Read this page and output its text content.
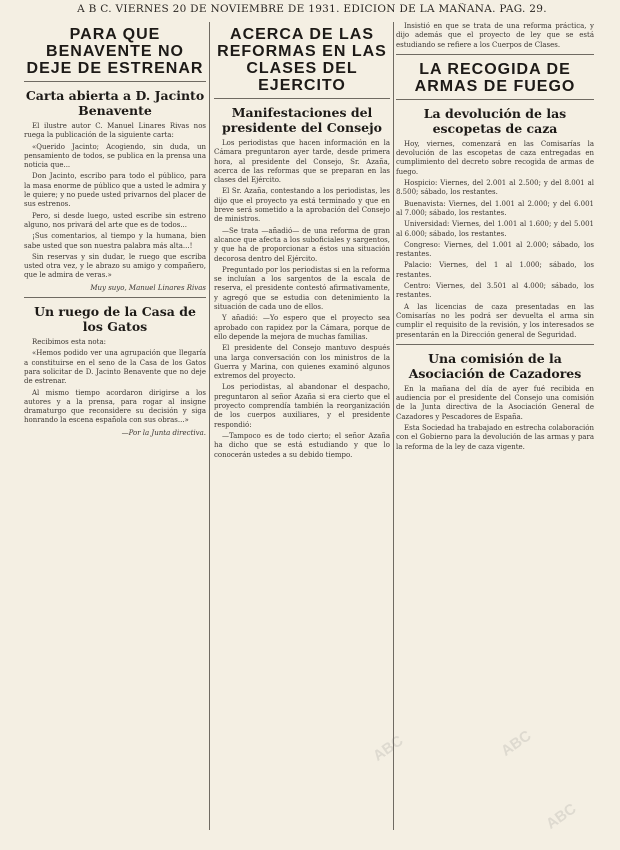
A B C. VIERNES 20 DE NOVIEMBRE DE 1931. EDICION DE LA MAÑANA. PAG. 29.
PARA QUE BENAVENTE NO DEJE DE ESTRENAR
Carta abierta a D. Jacinto Benavente

El ilustre autor C. Manuel Linares Rivas nos ruega la publicación de la siguiente carta:

«Querido Jacinto; Acogiendo, sin duda, un pensamiento de todos, se publica en la prensa una noticia que...

Don Jacinto, escribo para todo el público, para la masa enorme de público que a usted le admira y le quiere; y no puede usted privarnos del placer de sus estrenos.

Pero, si desde luego, usted escribe sin estreno alguno, nos privará del arte que es de todos...

¡Sus comentarios, al tiempo y la humana, bien sabe usted que son nuestra palabra más alta...!

Sin reservas y sin dudar, le ruego que escriba usted otra vez, y le abrazo su amigo y compañero, que le admira de veras.»

Muy suyo, Manuel Linares Rivas

Un ruego de la Casa de los Gatos

Recibimos esta nota:

«Hemos podido ver una agrupación que llegaría a constituirse en el seno de la Casa de los Gatos para solicitar de D. Jacinto Benavente que no deje de estrenar.

Al mismo tiempo acordaron dirigirse a los autores y a la prensa, para rogar al insigne dramaturgo que reconsidere su decisión y siga honrando la escena española con sus obras...»

—Por la Junta directiva.

ACERCA DE LAS REFORMAS EN LAS CLASES DEL EJERCITO
Manifestaciones del presidente del Consejo

Los periodistas que hacen información en la Cámara preguntaron ayer tarde, desde primera hora, al presidente del Consejo, Sr. Azaña, acerca de las reformas que se preparan en las clases del Ejército.

El Sr. Azaña, contestando a los periodistas, les dijo que el proyecto ya está terminado y que en breve será sometido a la aprobación del Consejo de ministros.

—Se trata —añadió— de una reforma de gran alcance que afecta a los suboficiales y sargentos, y que ha de proporcionar a éstos una situación decorosa dentro del Ejército.

Preguntado por los periodistas si en la reforma se incluían a los sargentos de la escala de reserva, el presidente contestó afirmativamente, y agregó que se estudia con detenimiento la situación de cada uno de ellos.

Y añadió: —Yo espero que el proyecto sea aprobado con rapidez por la Cámara, porque de ello depende la mejora de muchas familias.

El presidente del Consejo mantuvo después una larga conversación con los ministros de la Guerra y Marina, con quienes examinó algunos extremos del proyecto.

Los periodistas, al abandonar el despacho, preguntaron al señor Azaña si era cierto que el proyecto comprendía también la reorganización de los cuerpos auxiliares, y el presidente respondió:

—Tampoco es de todo cierto; el señor Azaña ha dicho que se está estudiando y que lo conocerán ustedes a su debido tiempo.

Insistió en que se trata de una reforma práctica, y dijo además que el proyecto de ley que se está estudiando se refiere a los Cuerpos de Clases.

LA RECOGIDA DE ARMAS DE FUEGO
La devolución de las escopetas de caza

Hoy, viernes, comenzará en las Comisarías la devolución de las escopetas de caza entregadas en cumplimiento del decreto sobre recogida de armas de fuego.

Hospicio: Viernes, del 2.001 al 2.500; y del 8.001 al 8.500; sábado, los restantes.

Buenavista: Viernes, del 1.001 al 2.000; y del 6.001 al 7.000; sábado, los restantes.

Universidad: Viernes, del 1.001 al 1.600; y del 5.001 al 6.000; sábado, los restantes.

Congreso: Viernes, del 1.001 al 2.000; sábado, los restantes.

Palacio: Viernes, del 1 al 1.000; sábado, los restantes.

Centro: Viernes, del 3.501 al 4.000; sábado, los restantes.

A las licencias de caza presentadas en las Comisarías no les podrá ser devuelta el arma sin cumplir el requisito de la revisión, y los interesados se presentarán en la Dirección general de Seguridad.

Una comisión de la Asociación de Cazadores

En la mañana del día de ayer fué recibida en audiencia por el presidente del Consejo una comisión de la Junta directiva de la Asociación General de Cazadores y Pescadores de España.

Esta Sociedad ha trabajado en estrecha colaboración con el Gobierno para la devolución de las armas y para la reforma de la ley de caza vigente.

ABC	ABC
ABC
